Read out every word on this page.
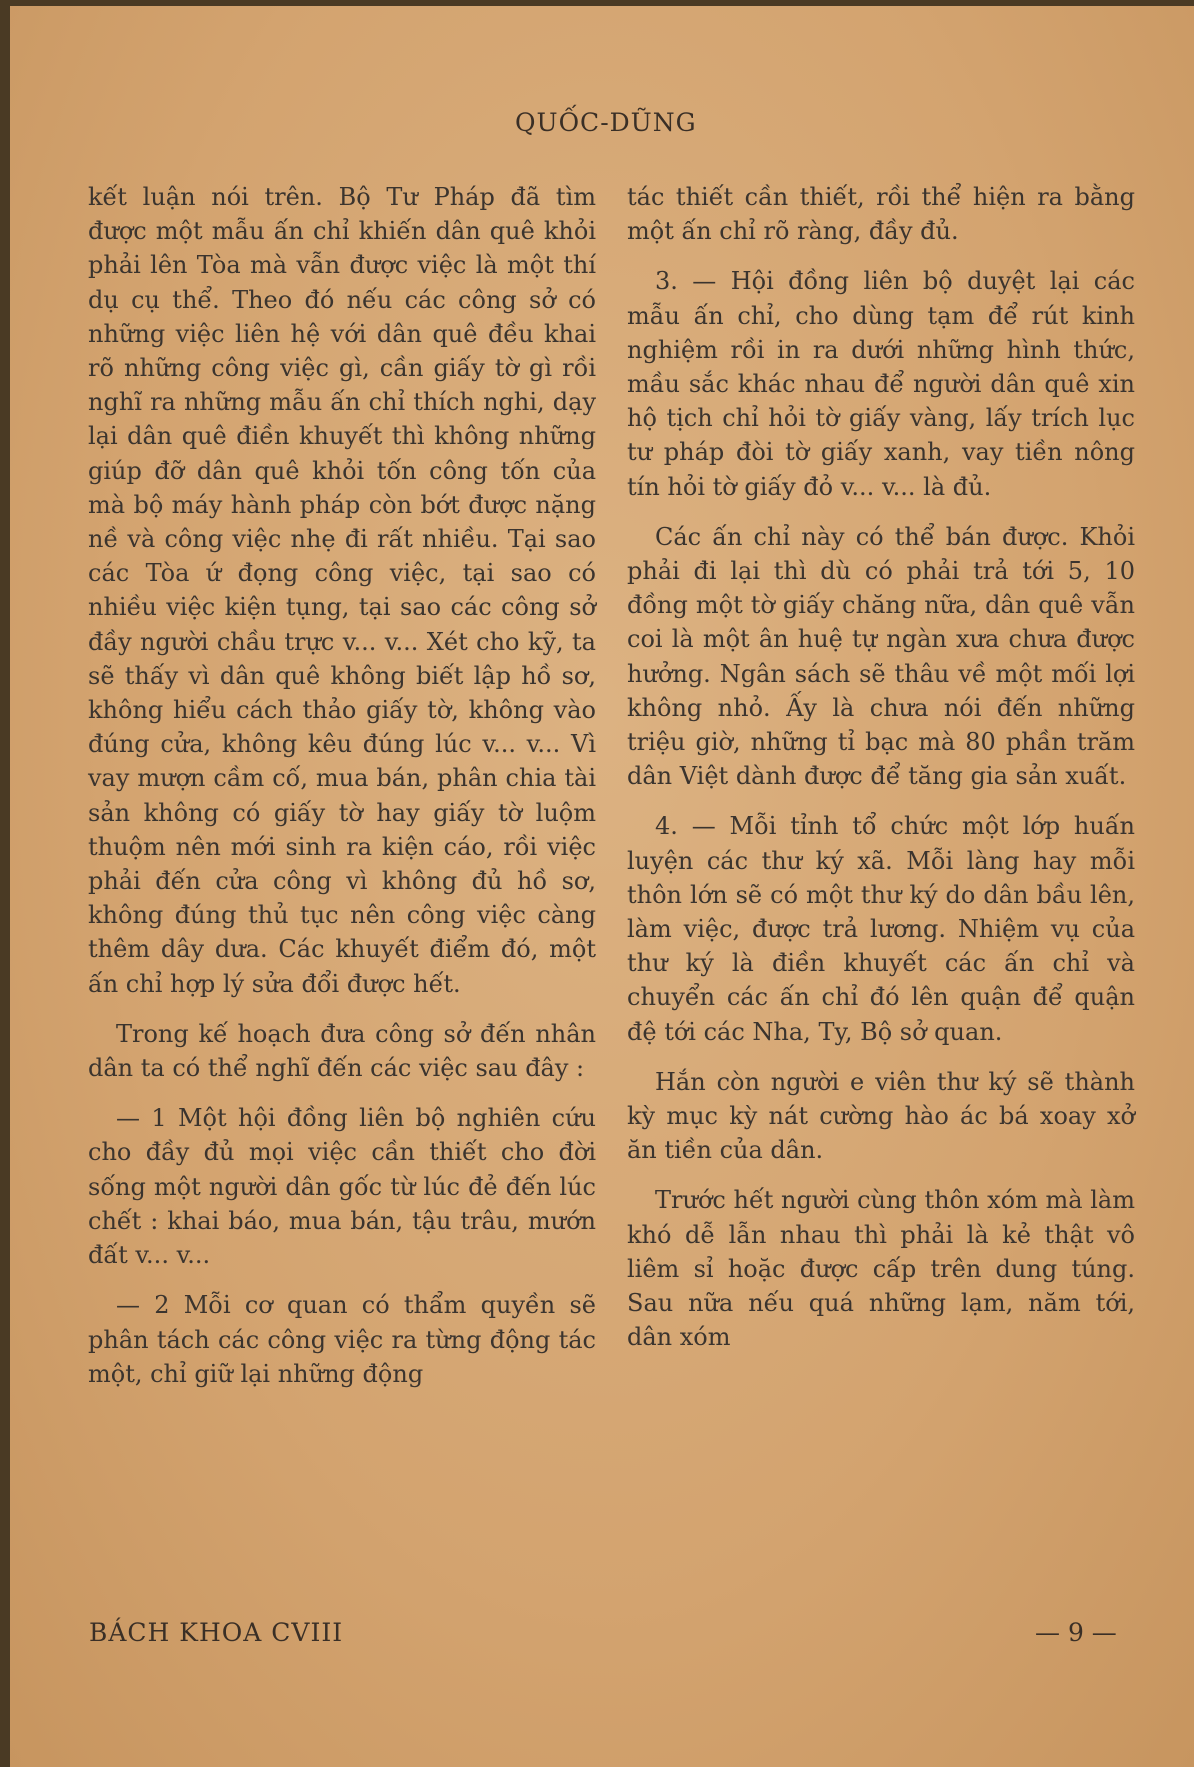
QUỐC-DŨNG

kết luận nói trên. Bộ Tư Pháp đã tìm được một mẫu ấn chỉ khiến dân quê khỏi phải lên Tòa mà vẫn được việc là một thí dụ cụ thể. Theo đó nếu các công sở có những việc liên hệ với dân quê đều khai rõ những công việc gì, cần giấy tờ gì rồi nghĩ ra những mẫu ấn chỉ thích nghi, dạy lại dân quê điền khuyết thì không những giúp đỡ dân quê khỏi tốn công tốn của mà bộ máy hành pháp còn bớt được nặng nề và công việc nhẹ đi rất nhiều. Tại sao các Tòa ứ đọng công việc, tại sao có nhiều việc kiện tụng, tại sao các công sở đầy người chầu trực v... v... Xét cho kỹ, ta sẽ thấy vì dân quê không biết lập hồ sơ, không hiểu cách thảo giấy tờ, không vào đúng cửa, không kêu đúng lúc v... v... Vì vay mượn cầm cố, mua bán, phân chia tài sản không có giấy tờ hay giấy tờ luộm thuộm nên mới sinh ra kiện cáo, rồi việc phải đến cửa công vì không đủ hồ sơ, không đúng thủ tục nên công việc càng thêm dây dưa. Các khuyết điểm đó, một ấn chỉ hợp lý sửa đổi được hết.

Trong kế hoạch đưa công sở đến nhân dân ta có thể nghĩ đến các việc sau đây :

— 1 Một hội đồng liên bộ nghiên cứu cho đầy đủ mọi việc cần thiết cho đời sống một người dân gốc từ lúc đẻ đến lúc chết : khai báo, mua bán, tậu trâu, mướn đất v... v...

— 2 Mỗi cơ quan có thẩm quyền sẽ phân tách các công việc ra từng động tác một, chỉ giữ lại những động

tác thiết cần thiết, rồi thể hiện ra bằng một ấn chỉ rõ ràng, đầy đủ.

3. — Hội đồng liên bộ duyệt lại các mẫu ấn chỉ, cho dùng tạm để rút kinh nghiệm rồi in ra dưới những hình thức, mầu sắc khác nhau để người dân quê xin hộ tịch chỉ hỏi tờ giấy vàng, lấy trích lục tư pháp đòi tờ giấy xanh, vay tiền nông tín hỏi tờ giấy đỏ v... v... là đủ.

Các ấn chỉ này có thể bán được. Khỏi phải đi lại thì dù có phải trả tới 5, 10 đồng một tờ giấy chăng nữa, dân quê vẫn coi là một ân huệ tự ngàn xưa chưa được hưởng. Ngân sách sẽ thâu về một mối lợi không nhỏ. Ấy là chưa nói đến những triệu giờ, những tỉ bạc mà 80 phần trăm dân Việt dành được để tăng gia sản xuất.

4. — Mỗi tỉnh tổ chức một lớp huấn luyện các thư ký xã. Mỗi làng hay mỗi thôn lớn sẽ có một thư ký do dân bầu lên, làm việc, được trả lương. Nhiệm vụ của thư ký là điền khuyết các ấn chỉ và chuyển các ấn chỉ đó lên quận để quận đệ tới các Nha, Ty, Bộ sở quan.

Hắn còn người e viên thư ký sẽ thành kỳ mục kỳ nát cường hào ác bá xoay xở ăn tiền của dân.

Trước hết người cùng thôn xóm mà làm khó dễ lẫn nhau thì phải là kẻ thật vô liêm sỉ hoặc được cấp trên dung túng. Sau nữa nếu quá những lạm, năm tới, dân xóm

BÁCH KHOA CVIII	— 9 —
